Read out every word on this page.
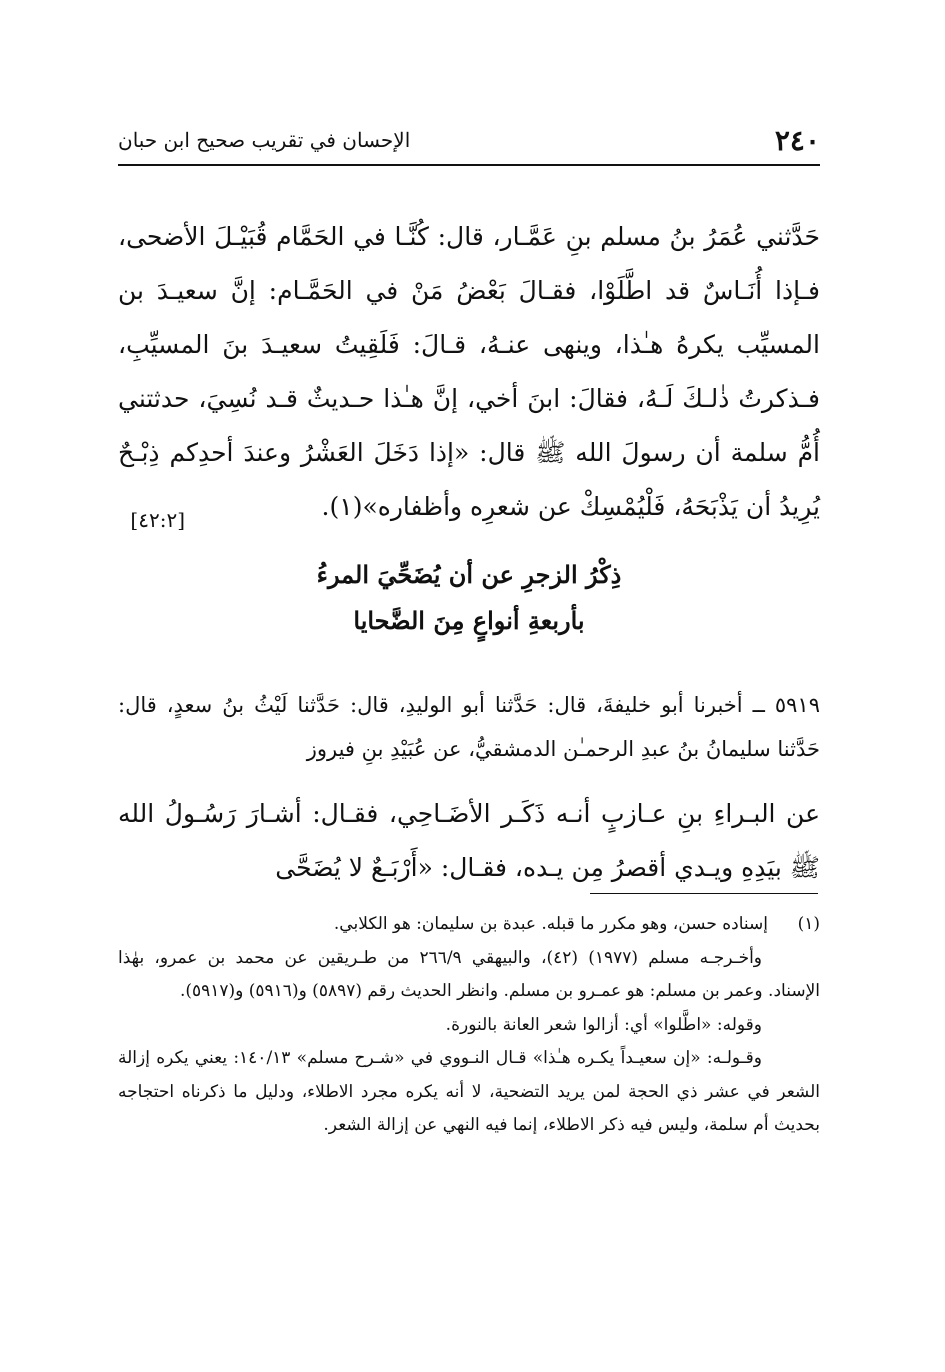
٢٤٠
الإحسان في تقريب صحيح ابن حبان

حَدَّثني عُمَرُ بنُ مسلم بنِ عَمَّـار، قال: كُنَّـا في الحَمَّام قُبَيْـلَ الأضحى، فـإذا أُنَـاسٌ قد اطَّلَوْا، فقـالَ بَعْضُ مَنْ في الحَمَّـام: إنَّ سعيـدَ بن المسيِّب يكرهُ هـٰذا، وينهى عنـهُ، قـالَ: فَلَقِيتُ سعيـدَ بنَ المسيِّبِ، فـذكرتُ ذٰلـكَ لَـهُ، فقالَ: ابنَ أخي، إنَّ هـٰذا حـديثٌ قـد نُسِيَ، حدثتني أُمُّ سلمة أن رسولَ الله ﷺ قال: «إذا دَخَلَ العَشْرُ وعندَ أحدِكم ذِبْـحٌ يُرِيدُ أن يَذْبَحَهُ، فَلْيُمْسِكْ عن شعرِه وأظفاره»(١).

[٤٢:٢]
ذِكْرُ الزجرِ عن أن يُضَحِّيَ المرءُ
بأربعةِ أنواعٍ مِنَ الضَّحايا

٥٩١٩ ــ أخبرنا أبو خليفةَ، قال: حَدَّثنا أبو الوليدِ، قال: حَدَّثنا لَيْثُ بنُ سعدٍ، قال: حَدَّثنا سليمانُ بنُ عبدِ الرحمـٰن الدمشقيُّ، عن عُبَيْدِ بنِ فيروز

عن البـراءِ بنِ عـازبٍ أنـه ذَكَـر الأضَـاحِي، فقـال: أشـارَ رَسُـولُ الله ﷺ بيَدِهِ ويـدي أقصرُ مِن يـده، فقـال: «أَرْبَـعٌ لا يُضَحَّى

(١)إسناده حسن، وهو مكرر ما قبله. عبدة بن سليمان: هو الكلابي.

وأخـرجـه مسلم (١٩٧٧) (٤٢)، والبيهقي ٢٦٦/٩ من طـريقين عن محمد بن عمرو، بهٰذا الإسناد. وعمر بن مسلم: هو عمـرو بن مسلم. وانظر الحديث رقم (٥٨٩٧) و(٥٩١٦) و(٥٩١٧).

وقوله: «اطَّلوا» أي: أزالوا شعر العانة بالنورة.

وقـولـه: «إن سعيـداً يكـره هـٰذا» قـال النـووي في «شـرح مسلم» ١٤٠/١٣: يعني يكره إزالة الشعر في عشر ذي الحجة لمن يريد التضحية، لا أنه يكره مجرد الاطلاء، ودليل ما ذكرناه احتجاجه بحديث أم سلمة، وليس فيه ذكر الاطلاء، إنما فيه النهي عن إزالة الشعر.
